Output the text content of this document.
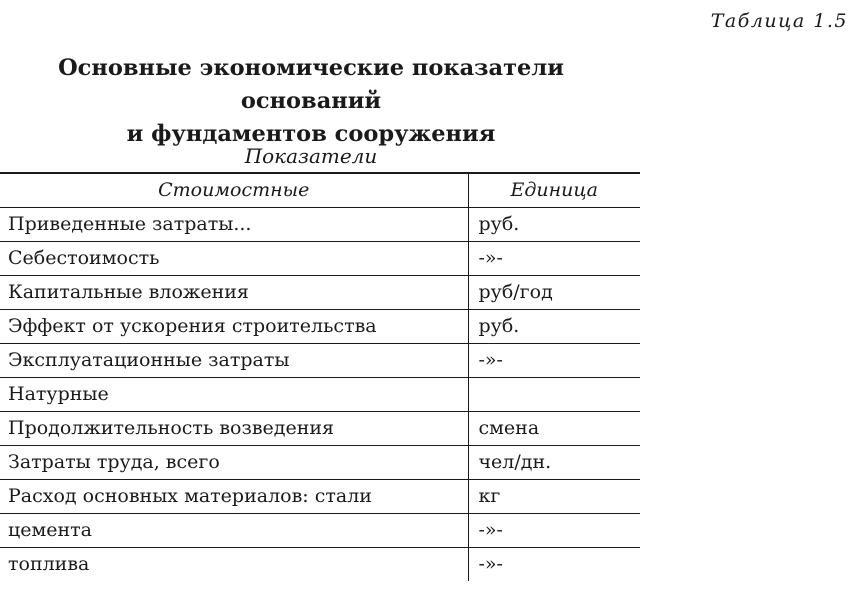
Таблица 1.5
Основные экономические показатели оснований
и фундаментов сооружения
Показатели
Стоимостные	Единица
Приведенные затраты...	руб.
Себестоимость	-»-
Капитальные вложения	руб/год
Эффект от ускорения строительства	руб.
Эксплуатационные затраты	-»-
Натурные	
Продолжительность возведения	смена
Затраты труда, всего	чел/дн.
Расход основных материалов: стали	кг
цемента	-»-
топлива	-»-
